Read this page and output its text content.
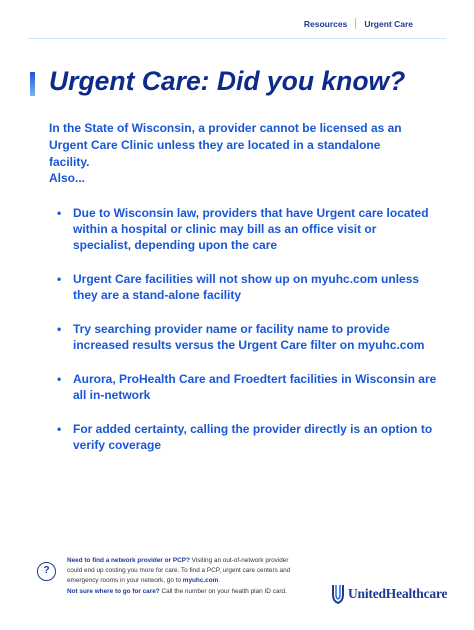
Resources Urgent Care
Urgent Care: Did you know?

In the State of Wisconsin, a provider cannot be licensed as an Urgent Care Clinic unless they are located in a standalone facility.

Also...

• Due to Wisconsin law, providers that have Urgent care located within a hospital or clinic may bill as an office visit or specialist, depending upon the care
• Urgent Care facilities will not show up on myuhc.com unless they are a stand-alone facility
• Try searching provider name or facility name to provide increased results versus the Urgent Care filter on myuhc.com
• Aurora, ProHealth Care and Froedtert facilities in Wisconsin are all in-network
• For added certainty, calling the provider directly is an option to verify coverage
?
Need to find a network provider or PCP? Visiting an out-of-network provider could end up costing you more for care. To find a PCP, urgent care centers and emergency rooms in your network, go to myuhc.com.
Not sure where to go for care? Call the number on your health plan ID card.	UnitedHealthcare
